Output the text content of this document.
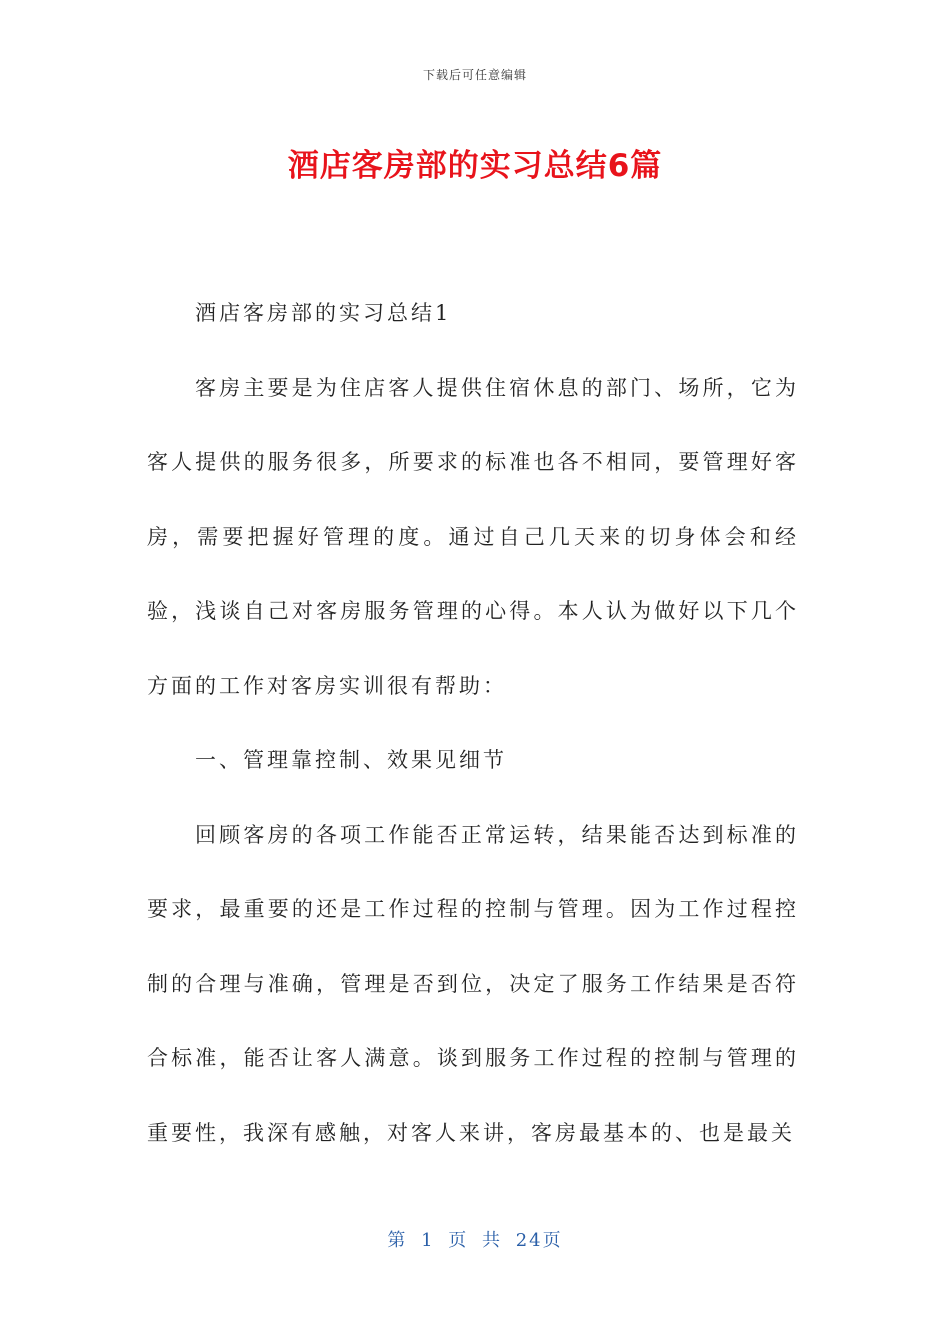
下载后可任意编辑
酒店客房部的实习总结6篇

酒店客房部的实习总结1

客房主要是为住店客人提供住宿休息的部门、场所，它为客人提供的服务很多，所要求的标准也各不相同，要管理好客房，需要把握好管理的度。通过自己几天来的切身体会和经验，浅谈自己对客房服务管理的心得。本人认为做好以下几个方面的工作对客房实训很有帮助：

一、管理靠控制、效果见细节

回顾客房的各项工作能否正常运转，结果能否达到标准的要求，最重要的还是工作过程的控制与管理。因为工作过程控制的合理与准确，管理是否到位，决定了服务工作结果是否符合标准，能否让客人满意。谈到服务工作过程的控制与管理的重要性，我深有感触，对客人来讲，客房最基本的、也是最关

第 1 页 共 24页
